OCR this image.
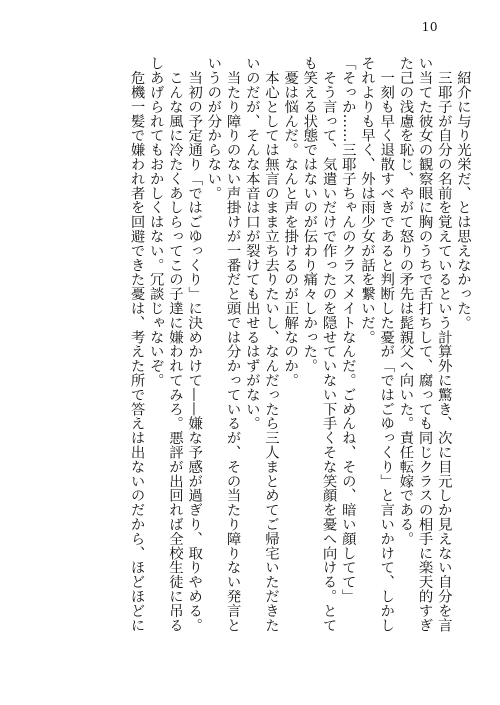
10
紹介に与り光栄だ、とは思えなかった。
三耶子が自分の名前を覚えているという計算外に驚き、次に目元しか見えない自分を言
い当てた彼女の観察眼に胸のうちで舌打ちして、腐っても同じクラスの相手に楽天的すぎ
た己の浅慮を恥じ、やがて怒りの矛先は髭親父へ向いた。責任転嫁である。
一刻も早く退散すべきであると判断した憂が「ではごゆっくり」と言いかけて、しかし
それよりも早く、外は雨少女が話を繋いだ。
「そっか……三耶子ちゃんのクラスメイトなんだ。ごめんね、その、暗い顔してて」
そう言って、気遣いだけで作ったのを隠せていない下手くそな笑顔を憂へ向ける。とて
も笑える状態ではないのが伝わり痛々しかった。
憂は悩んだ。なんと声を掛けるのが正解なのか。
本心としては無言のまま立ち去りたいし、なんだったら三人まとめてご帰宅いただきた
いのだが、そんな本音は口が裂けても出せるはずがない。
当たり障りのない声掛けが一番だと頭では分かっているが、その当たり障りない発言と
いうのが分からない。
当初の予定通り「ではごゆっくり」に決めかけて——嫌な予感が過ぎり、取りやめる。
こんな風に冷たくあしらってこの子達に嫌われてみろ。悪評が出回れば全校生徒に吊る
しあげられてもおかしくはない。冗談じゃないぞ。
危機一髪で嫌われ者を回避できた憂は、考えた所で答えは出ないのだから、ほどほどに
